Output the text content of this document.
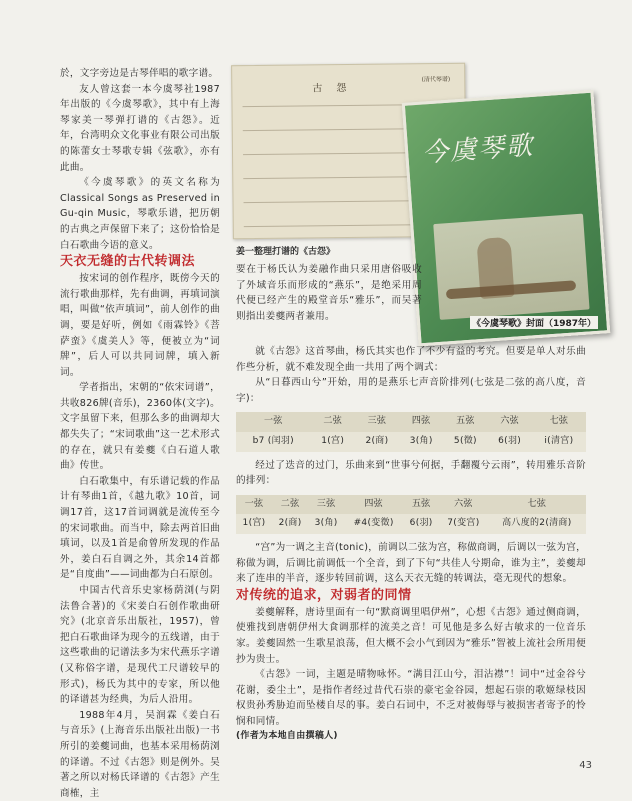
於，文字旁边是古琴伴唱的歌字谱。

友人曾这套一本今虞琴社1987年出版的《今虞琴歌》，其中有上海琴家美一琴弹打谱的《古怨》。近年，台湾明众文化事业有限公司出版的陈蕾女士琴歌专辑《弦歌》，亦有此曲。

《今虞琴歌》的英文名称为Classical Songs as Preserved in Gu-qin Music，琴歌乐谱，把历朝的古典之声保留下来了；这份恰恰是白石歌曲今语的意义。

天衣无缝的古代转调法

按宋词的创作程序，既傍今天的流行歌曲那样，先有曲调，再填词演唱，叫做“依声填词”，前人创作的曲调，要是好听，例如《雨霖铃》《菩萨蛮》《虞美人》等，便被立为“词牌”，后人可以共同词牌，填入新词。

学者指出，宋朝的“依宋词谱”，共收826牌(音乐)，2360体(文字)。文字虽留下来，但那么多的曲调却大都失失了；“宋词歌曲”这一艺术形式的存在，就只有姜夔《白石道人歌曲》传世。

白石歌集中，有乐谱记载的作品计有琴曲1首，《越九歌》10首，词调17首，这17首词调就是流传至今的宋词歌曲。而当中，除去两首旧曲填词，以及1首是俞曾所发现的作品外，姜白石自调之外，其余14首都是“自度曲”——词曲都为白石原创。

中国古代音乐史家杨荫浏(与阴法鲁合著)的《宋姜白石创作歌曲研究》(北京音乐出版社，1957)，曾把白石歌曲译为现今的五线谱，由于这些歌曲的记谱法多为宋代燕乐字谱(又称俗字谱，是现代工尺谱较早的形式)，杨氏为其中的专家，所以他的译谱甚为经典，为后人沿用。

1988年4月，吴润霖《姜白石与音乐》(上海音乐出版社出版)一书所引的姜夔词曲，也基本采用杨荫浏的译谱。不过《古怨》则是例外。吴著之所以对杨氏译谱的《古怨》产生商榷，主

古　怨
(清代琴谱)
姜一整理打谱的《古怨》
今虞琴歌
《今虞琴歌》封面（1987年）

要在于杨氏认为姜融作曲只采用唐俗吸收了外域音乐而形成的“燕乐”，是绝采用周代便已经产生的殿堂音乐“雅乐”，而吴著则指出姜夔两者兼用。

就《古怨》这首琴曲，杨氏其实也作了不少有益的考究。但要是单人对乐曲作些分析，就不难发现全曲一共用了两个调式：

从“日暮西山兮”开始，用的是燕乐七声音阶排列(七弦是二弦的高八度，音字)：

一弦	二弦	三弦	四弦	五弦	六弦	七弦
b7 (闰羽)	1(宫)	2(商)	3(角)	5(徵)	6(羽)	i(清宫)

经过了迭音的过门，乐曲来到“世事兮何据，手翻覆兮云雨”，转用雅乐音阶的排列：

一弦	二弦	三弦	四弦	五弦	六弦	七弦
1(宫)	2(商)	3(角)	#4(变徵)	6(羽)	7(变宫)	高八度的2(清商)

“宫”为一调之主音(tonic)，前调以二弦为宫，称做商调，后调以一弦为宫，称做为调，后调比前调低一个全音，到了下句“共佳人兮期命，谁为主”，姜夔却来了连串的半音，逐步转回前调，这么天衣无缝的转调法，毫无现代的想象。

对传统的追求，对弱者的同情

姜夔解释，唐诗里面有一句“默商调里唱伊州”，心想《古怨》通过侧商调，使雅找到唐朝伊州大食调那样的流美之音！可见他是多么好古敏求的一位音乐家。姜夔固然一生歌星浪荡，但大概不会小气到因为“雅乐”智被上流社会所用便抄为贵士。

《古怨》一词，主题是晴物咏怀。“满目江山兮，泪沾襟”！词中“过金谷兮花谢，委尘土”，是指作者经过昔代石崇的豪宅金谷园，想起石崇的歌姬绿枝因权贵孙秀胁迫而坠楼自尽的事。姜白石词中，不乏对被侮辱与被损害者寄予的怜悯和同情。

(作者为本地自由撰稿人)

43
